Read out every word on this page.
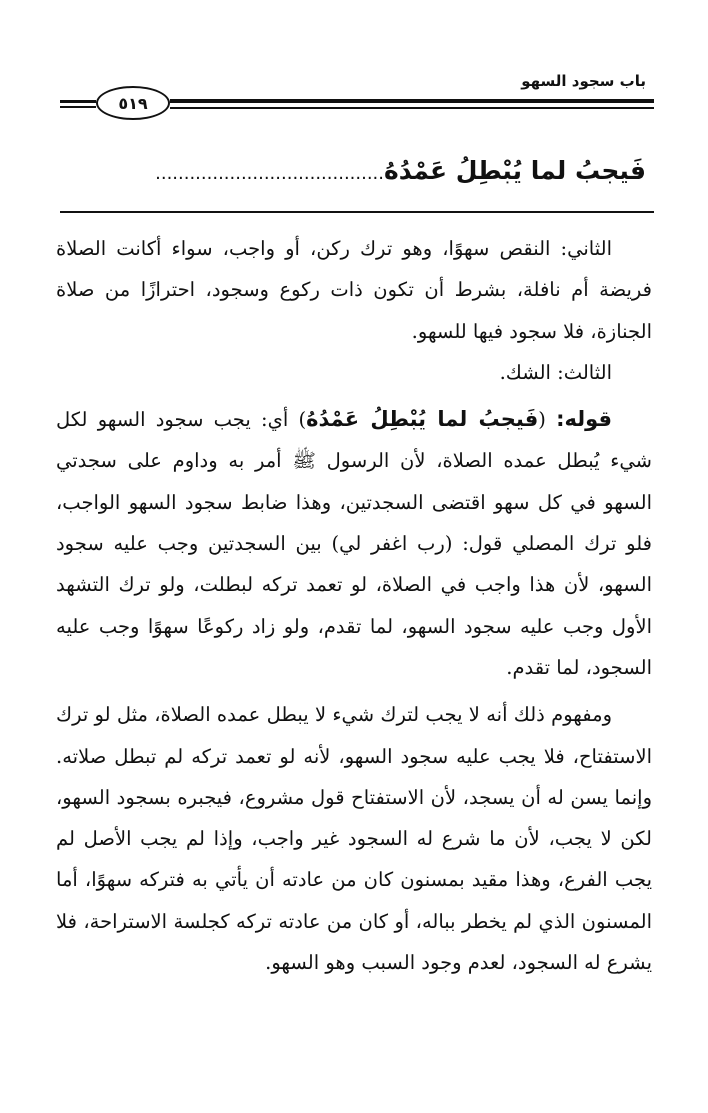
باب سجود السهو
٥١٩
فَيجبُ لما يُبْطِلُ عَمْدُهُ........................................

الثاني: النقص سهوًا، وهو ترك ركن، أو واجب، سواء أكانت الصلاة فريضة أم نافلة، بشرط أن تكون ذات ركوع وسجود، احترازًا من صلاة الجنازة، فلا سجود فيها للسهو.

الثالث: الشك.

قوله: (فَيجبُ لما يُبْطِلُ عَمْدُهُ) أي: يجب سجود السهو لكل شيء يُبطل عمده الصلاة، لأن الرسول ﷺ أمر به وداوم على سجدتي السهو في كل سهو اقتضى السجدتين، وهذا ضابط سجود السهو الواجب، فلو ترك المصلي قول: (رب اغفر لي) بين السجدتين وجب عليه سجود السهو، لأن هذا واجب في الصلاة، لو تعمد تركه لبطلت، ولو ترك التشهد الأول وجب عليه سجود السهو، لما تقدم، ولو زاد ركوعًا سهوًا وجب عليه السجود، لما تقدم.

ومفهوم ذلك أنه لا يجب لترك شيء لا يبطل عمده الصلاة، مثل لو ترك الاستفتاح، فلا يجب عليه سجود السهو، لأنه لو تعمد تركه لم تبطل صلاته. وإنما يسن له أن يسجد، لأن الاستفتاح قول مشروع، فيجبره بسجود السهو، لكن لا يجب، لأن ما شرع له السجود غير واجب، وإذا لم يجب الأصل لم يجب الفرع، وهذا مقيد بمسنون كان من عادته أن يأتي به فتركه سهوًا، أما المسنون الذي لم يخطر بباله، أو كان من عادته تركه كجلسة الاستراحة، فلا يشرع له السجود، لعدم وجود السبب وهو السهو.
